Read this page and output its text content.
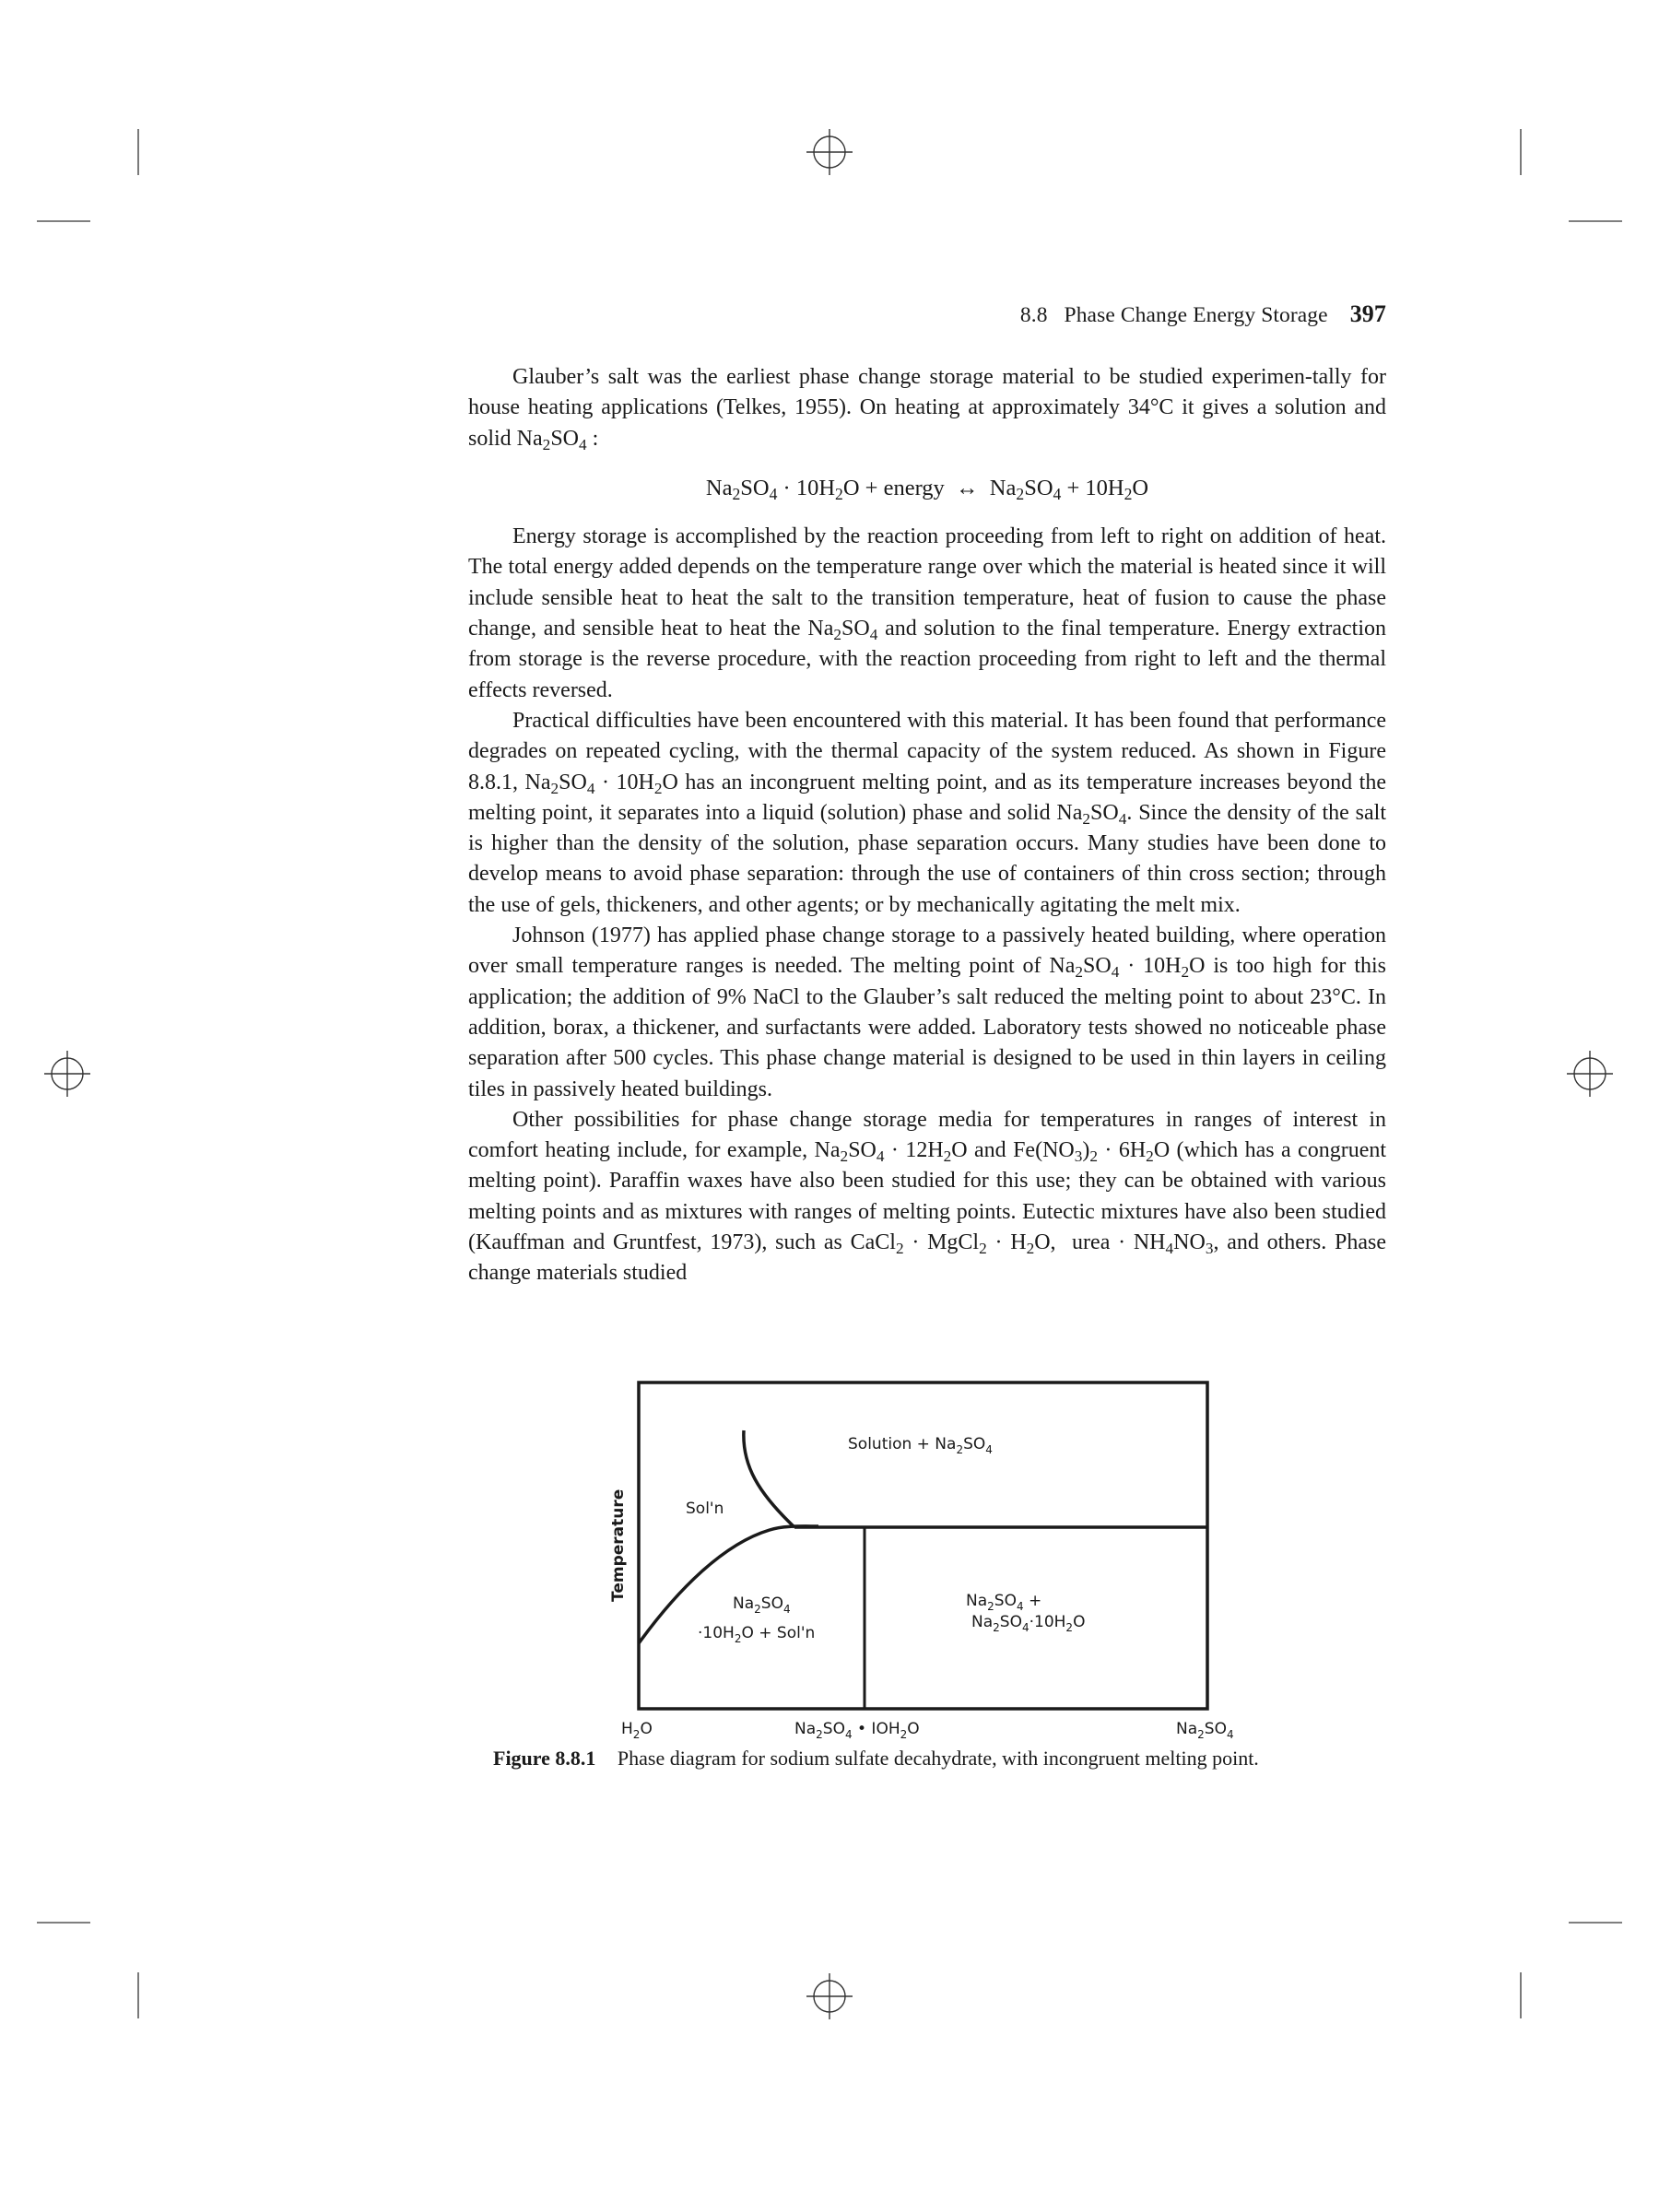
8.8 Phase Change Energy Storage 397

Glauber’s salt was the earliest phase change storage material to be studied experimen-tally for house heating applications (Telkes, 1955). On heating at approximately 34°C it gives a solution and solid $Na_2SO_4$ :

$Na_2SO_4 \cdot 10H_2O$ + energy  ↔  $Na_2SO_4 + 10H_2O$

Energy storage is accomplished by the reaction proceeding from left to right on addition of heat. The total energy added depends on the temperature range over which the material is heated since it will include sensible heat to heat the salt to the transition temperature, heat of fusion to cause the phase change, and sensible heat to heat the $Na_2SO_4$ and solution to the final temperature. Energy extraction from storage is the reverse procedure, with the reaction proceeding from right to left and the thermal effects reversed.

Practical difficulties have been encountered with this material. It has been found that performance degrades on repeated cycling, with the thermal capacity of the system reduced. As shown in Figure 8.8.1, $Na_2SO_4 \cdot 10H_2O$ has an incongruent melting point, and as its temperature increases beyond the melting point, it separates into a liquid (solution) phase and solid $Na_2SO_4$. Since the density of the salt is higher than the density of the solution, phase separation occurs. Many studies have been done to develop means to avoid phase separation: through the use of containers of thin cross section; through the use of gels, thickeners, and other agents; or by mechanically agitating the melt mix.

Johnson (1977) has applied phase change storage to a passively heated building, where operation over small temperature ranges is needed. The melting point of $Na_2SO_4 \cdot 10H_2O$ is too high for this application; the addition of 9% NaCl to the Glauber’s salt reduced the melting point to about 23°C. In addition, borax, a thickener, and surfactants were added. Laboratory tests showed no noticeable phase separation after 500 cycles. This phase change material is designed to be used in thin layers in ceiling tiles in passively heated buildings.

Other possibilities for phase change storage media for temperatures in ranges of interest in comfort heating include, for example, $Na_2SO_4 \cdot 12H_2O$ and $Fe(NO_3)_2 \cdot 6H_2O$ (which has a congruent melting point). Paraffin waxes have also been studied for this use; they can be obtained with various melting points and as mixtures with ranges of melting points. Eutectic mixtures have also been studied (Kauffman and Gruntfest, 1973), such as CaCl$_2$ · MgCl$_2$ · $H_2O$,  urea · $NH_4NO_3$, and others. Phase change materials studied

Temperature
Solution + $Na_2SO_4$
Sol'n
$Na_2SO_4$
$\cdot 10H_2O + Sol'n$
$Na_2SO_4$ +
$Na_2SO_4\cdot 10H_2O$
$H_2O$	$Na_2SO_4$ • $IOH_2O$	$Na_2SO_4$
Figure 8.8.1 Phase diagram for sodium sulfate decahydrate, with incongruent melting point.
